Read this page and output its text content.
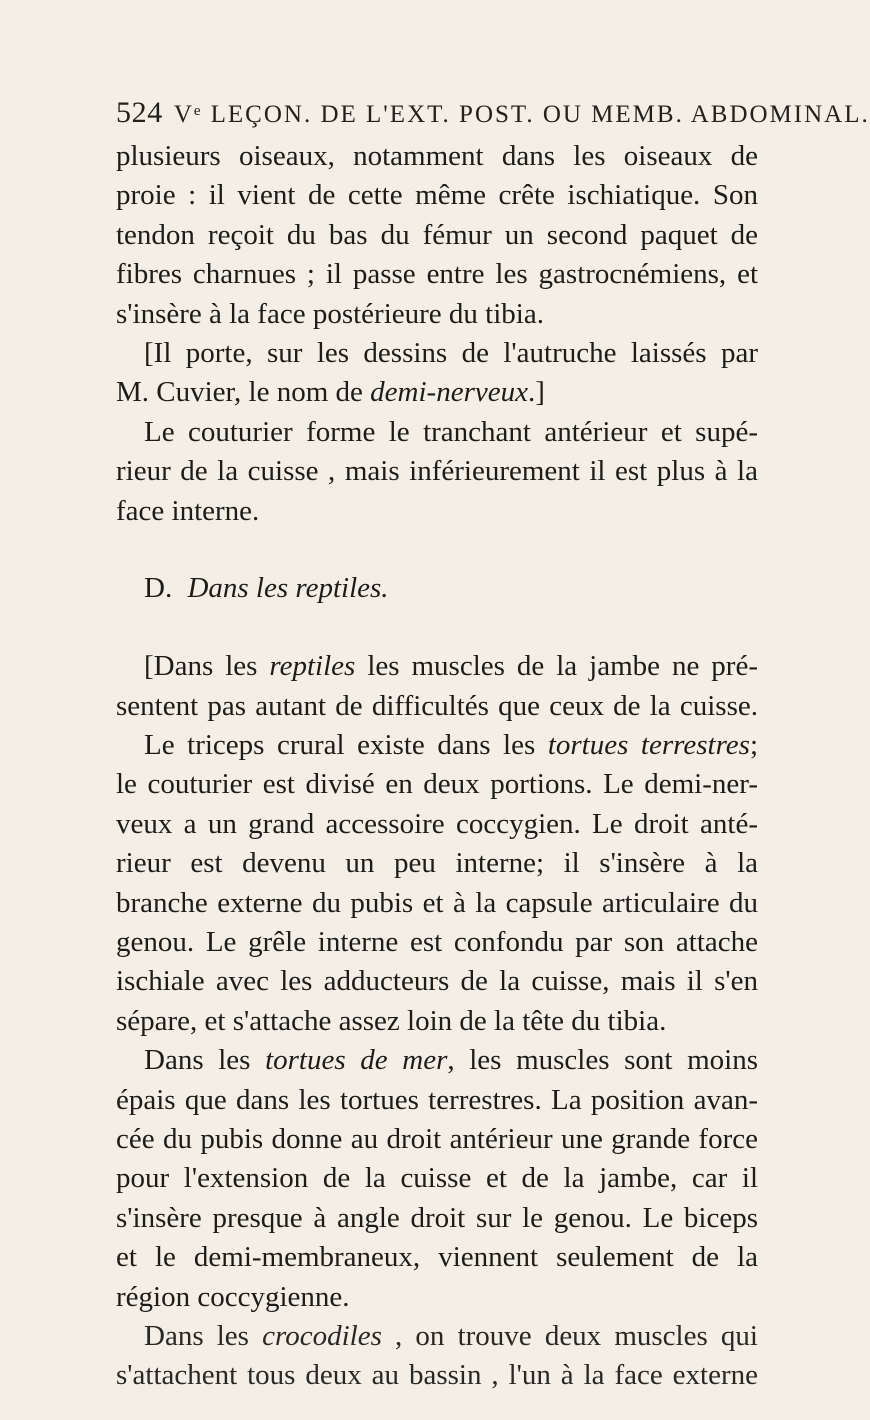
524 Vᵉ LEÇON. DE L'EXT. POST. OU MEMB. ABDOMINAL.
plusieurs oiseaux, notamment dans les oiseaux de
proie : il vient de cette même crête ischiatique. Son
tendon reçoit du bas du fémur un second paquet de
fibres charnues ; il passe entre les gastrocnémiens, et
s'insère à la face postérieure du tibia.
[Il porte, sur les dessins de l'autruche laissés par
M. Cuvier, le nom de demi-nerveux.]
Le couturier forme le tranchant antérieur et supé-
rieur de la cuisse , mais inférieurement il est plus à la
face interne.
D. Dans les reptiles.
[Dans les reptiles les muscles de la jambe ne pré-
sentent pas autant de difficultés que ceux de la cuisse.
Le triceps crural existe dans les tortues terrestres;
le couturier est divisé en deux portions. Le demi-ner-
veux a un grand accessoire coccygien. Le droit anté-
rieur est devenu un peu interne; il s'insère à la
branche externe du pubis et à la capsule articulaire du
genou. Le grêle interne est confondu par son attache
ischiale avec les adducteurs de la cuisse, mais il s'en
sépare, et s'attache assez loin de la tête du tibia.
Dans les tortues de mer, les muscles sont moins
épais que dans les tortues terrestres. La position avan-
cée du pubis donne au droit antérieur une grande force
pour l'extension de la cuisse et de la jambe, car il
s'insère presque à angle droit sur le genou. Le biceps
et le demi-membraneux, viennent seulement de la
région coccygienne.
Dans les crocodiles , on trouve deux muscles qui
s'attachent tous deux au bassin , l'un à la face externe
